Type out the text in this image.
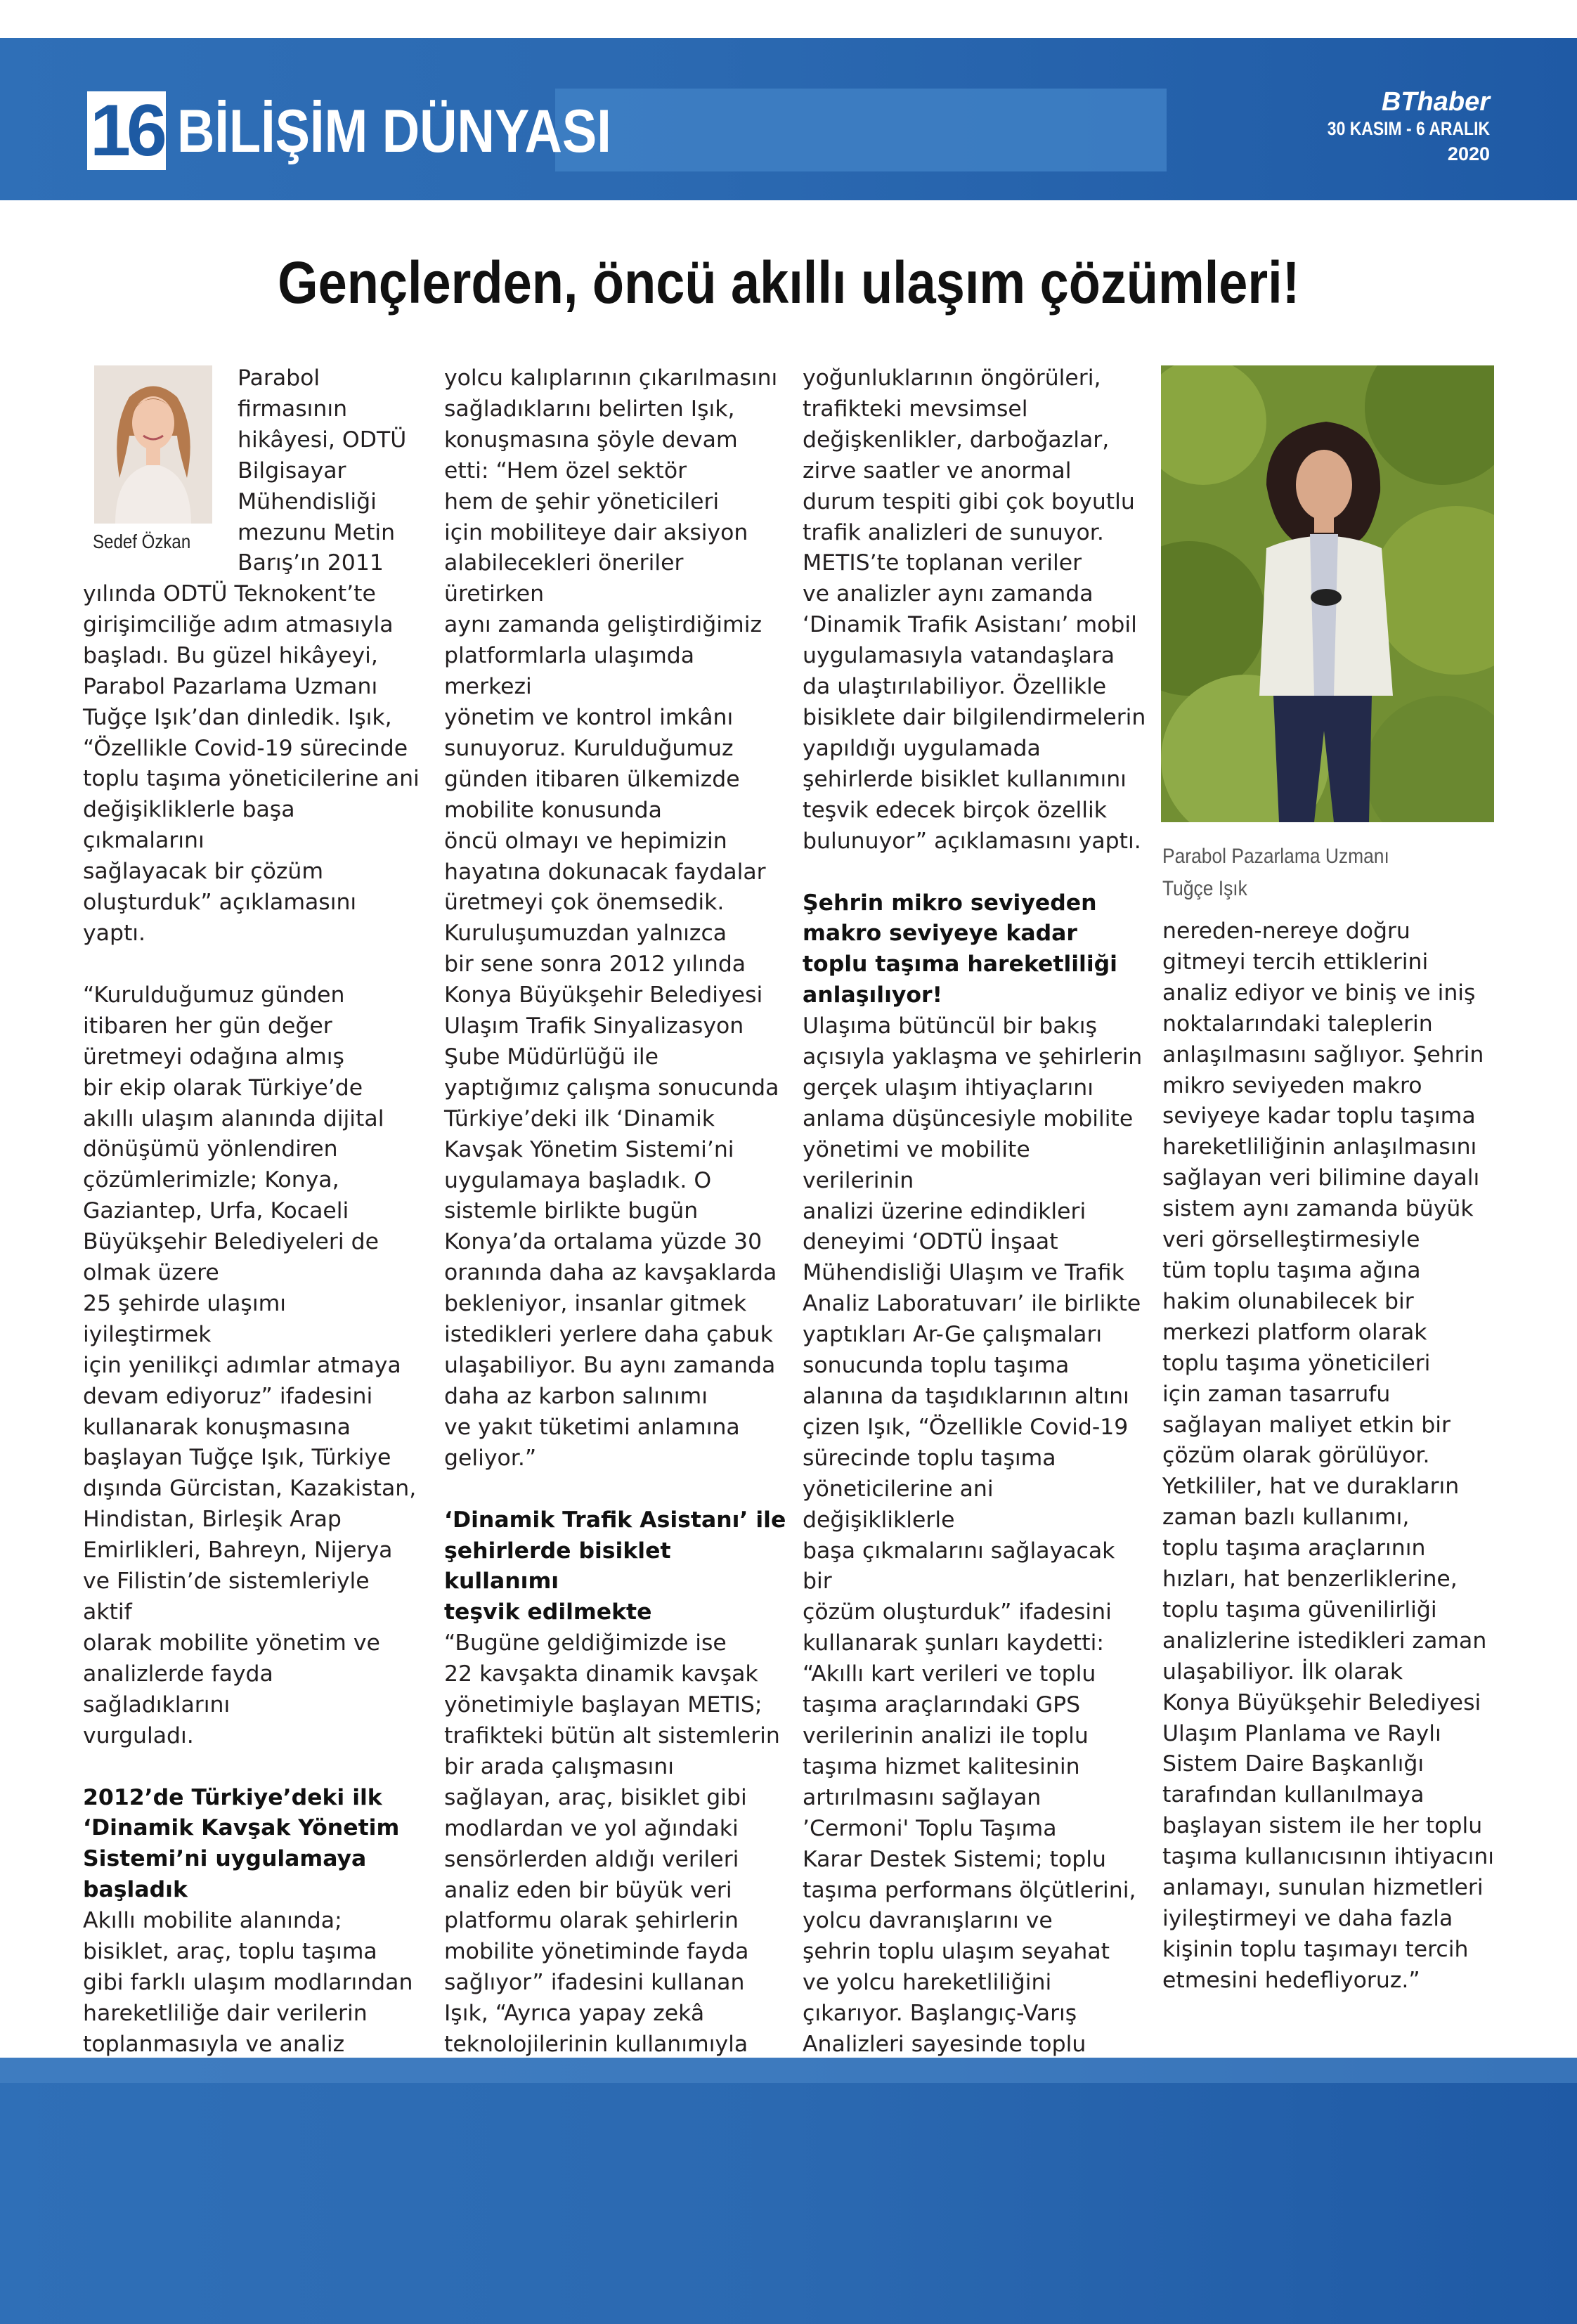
16 BİLİŞİM DÜNYASI	BThaber
30 KASIM - 6 ARALIK
2020
Gençlerden, öncü akıllı ulaşım çözümleri!
Sedef Özkan

Parabol

firmasının

hikâyesi, ODTÜ

Bilgisayar

Mühendisliği

mezunu Metin

Barış’ın 2011

yılında ODTÜ Teknokent’te

girişimciliğe adım atmasıyla

başladı. Bu güzel hikâyeyi,

Parabol Pazarlama Uzmanı

Tuğçe Işık’dan dinledik. Işık,

“Özellikle Covid-19 sürecinde

toplu taşıma yöneticilerine ani

değişikliklerle başa çıkmalarını

sağlayacak bir çözüm

oluşturduk” açıklamasını yaptı.

“Kurulduğumuz günden

itibaren her gün değer

üretmeyi odağına almış

bir ekip olarak Türkiye’de

akıllı ulaşım alanında dijital

dönüşümü yönlendiren

çözümlerimizle; Konya,

Gaziantep, Urfa, Kocaeli

Büyükşehir Belediyeleri de

olmak üzere

25 şehirde ulaşımı iyileştirmek

için yenilikçi adımlar atmaya

devam ediyoruz” ifadesini

kullanarak konuşmasına

başlayan Tuğçe Işık, Türkiye

dışında Gürcistan, Kazakistan,

Hindistan, Birleşik Arap

Emirlikleri, Bahreyn, Nijerya

ve Filistin’de sistemleriyle aktif

olarak mobilite yönetim ve

analizlerde fayda sağladıklarını

vurguladı.

2012’de Türkiye’deki ilk
‘Dinamik Kavşak Yönetim
Sistemi’ni uygulamaya
başladık

Akıllı mobilite alanında;

bisiklet, araç, toplu taşıma

gibi farklı ulaşım modlarından

hareketliliğe dair verilerin

toplanmasıyla ve analiz

yolcu kalıplarının çıkarılmasını

sağladıklarını belirten Işık,

konuşmasına şöyle devam

etti: “Hem özel sektör

hem de şehir yöneticileri

için mobiliteye dair aksiyon

alabilecekleri öneriler üretirken

aynı zamanda geliştirdiğimiz

platformlarla ulaşımda merkezi

yönetim ve kontrol imkânı

sunuyoruz. Kurulduğumuz

günden itibaren ülkemizde

mobilite konusunda

öncü olmayı ve hepimizin

hayatına dokunacak faydalar

üretmeyi çok önemsedik.

Kuruluşumuzdan yalnızca

bir sene sonra 2012 yılında

Konya Büyükşehir Belediyesi

Ulaşım Trafik Sinyalizasyon

Şube Müdürlüğü ile

yaptığımız çalışma sonucunda

Türkiye’deki ilk ‘Dinamik

Kavşak Yönetim Sistemi’ni

uygulamaya başladık. O

sistemle birlikte bugün

Konya’da ortalama yüzde 30

oranında daha az kavşaklarda

bekleniyor, insanlar gitmek

istedikleri yerlere daha çabuk

ulaşabiliyor. Bu aynı zamanda

daha az karbon salınımı

ve yakıt tüketimi anlamına

geliyor.”

‘Dinamik Trafik Asistanı’ ile
şehirlerde bisiklet kullanımı
teşvik edilmekte

“Bugüne geldiğimizde ise

22 kavşakta dinamik kavşak

yönetimiyle başlayan METIS;

trafikteki bütün alt sistemlerin

bir arada çalışmasını

sağlayan, araç, bisiklet gibi

modlardan ve yol ağındaki

sensörlerden aldığı verileri

analiz eden bir büyük veri

platformu olarak şehirlerin

mobilite yönetiminde fayda

sağlıyor” ifadesini kullanan

Işık, “Ayrıca yapay zekâ

teknolojilerinin kullanımıyla

yoğunluklarının öngörüleri,

trafikteki mevsimsel

değişkenlikler, darboğazlar,

zirve saatler ve anormal

durum tespiti gibi çok boyutlu

trafik analizleri de sunuyor.

METIS’te toplanan veriler

ve analizler aynı zamanda

‘Dinamik Trafik Asistanı’ mobil

uygulamasıyla vatandaşlara

da ulaştırılabiliyor. Özellikle

bisiklete dair bilgilendirmelerin

yapıldığı uygulamada

şehirlerde bisiklet kullanımını

teşvik edecek birçok özellik

bulunuyor” açıklamasını yaptı.

Şehrin mikro seviyeden
makro seviyeye kadar
toplu taşıma hareketliliği
anlaşılıyor!

Ulaşıma bütüncül bir bakış

açısıyla yaklaşma ve şehirlerin

gerçek ulaşım ihtiyaçlarını

anlama düşüncesiyle mobilite

yönetimi ve mobilite verilerinin

analizi üzerine edindikleri

deneyimi ‘ODTÜ İnşaat

Mühendisliği Ulaşım ve Trafik

Analiz Laboratuvarı’ ile birlikte

yaptıkları Ar-Ge çalışmaları

sonucunda toplu taşıma

alanına da taşıdıklarının altını

çizen Işık, “Özellikle Covid-19

sürecinde toplu taşıma

yöneticilerine ani değişikliklerle

başa çıkmalarını sağlayacak bir

çözüm oluşturduk” ifadesini

kullanarak şunları kaydetti:

“Akıllı kart verileri ve toplu

taşıma araçlarındaki GPS

verilerinin analizi ile toplu

taşıma hizmet kalitesinin

artırılmasını sağlayan

’Cermoni' Toplu Taşıma

Karar Destek Sistemi; toplu

taşıma performans ölçütlerini,

yolcu davranışlarını ve

şehrin toplu ulaşım seyahat

ve yolcu hareketliliğini

çıkarıyor. Başlangıç-Varış

Analizleri sayesinde toplu

Parabol Pazarlama Uzmanı
Tuğçe Işık

nereden-nereye doğru

gitmeyi tercih ettiklerini

analiz ediyor ve biniş ve iniş

noktalarındaki taleplerin

anlaşılmasını sağlıyor. Şehrin

mikro seviyeden makro

seviyeye kadar toplu taşıma

hareketliliğinin anlaşılmasını

sağlayan veri bilimine dayalı

sistem aynı zamanda büyük

veri görselleştirmesiyle

tüm toplu taşıma ağına

hakim olunabilecek bir

merkezi platform olarak

toplu taşıma yöneticileri

için zaman tasarrufu

sağlayan maliyet etkin bir

çözüm olarak görülüyor.

Yetkililer, hat ve durakların

zaman bazlı kullanımı,

toplu taşıma araçlarının

hızları, hat benzerliklerine,

toplu taşıma güvenilirliği

analizlerine istedikleri zaman

ulaşabiliyor. İlk olarak

Konya Büyükşehir Belediyesi

Ulaşım Planlama ve Raylı

Sistem Daire Başkanlığı

tarafından kullanılmaya

başlayan sistem ile her toplu

taşıma kullanıcısının ihtiyacını

anlamayı, sunulan hizmetleri

iyileştirmeyi ve daha fazla

kişinin toplu taşımayı tercih

etmesini hedefliyoruz.”
